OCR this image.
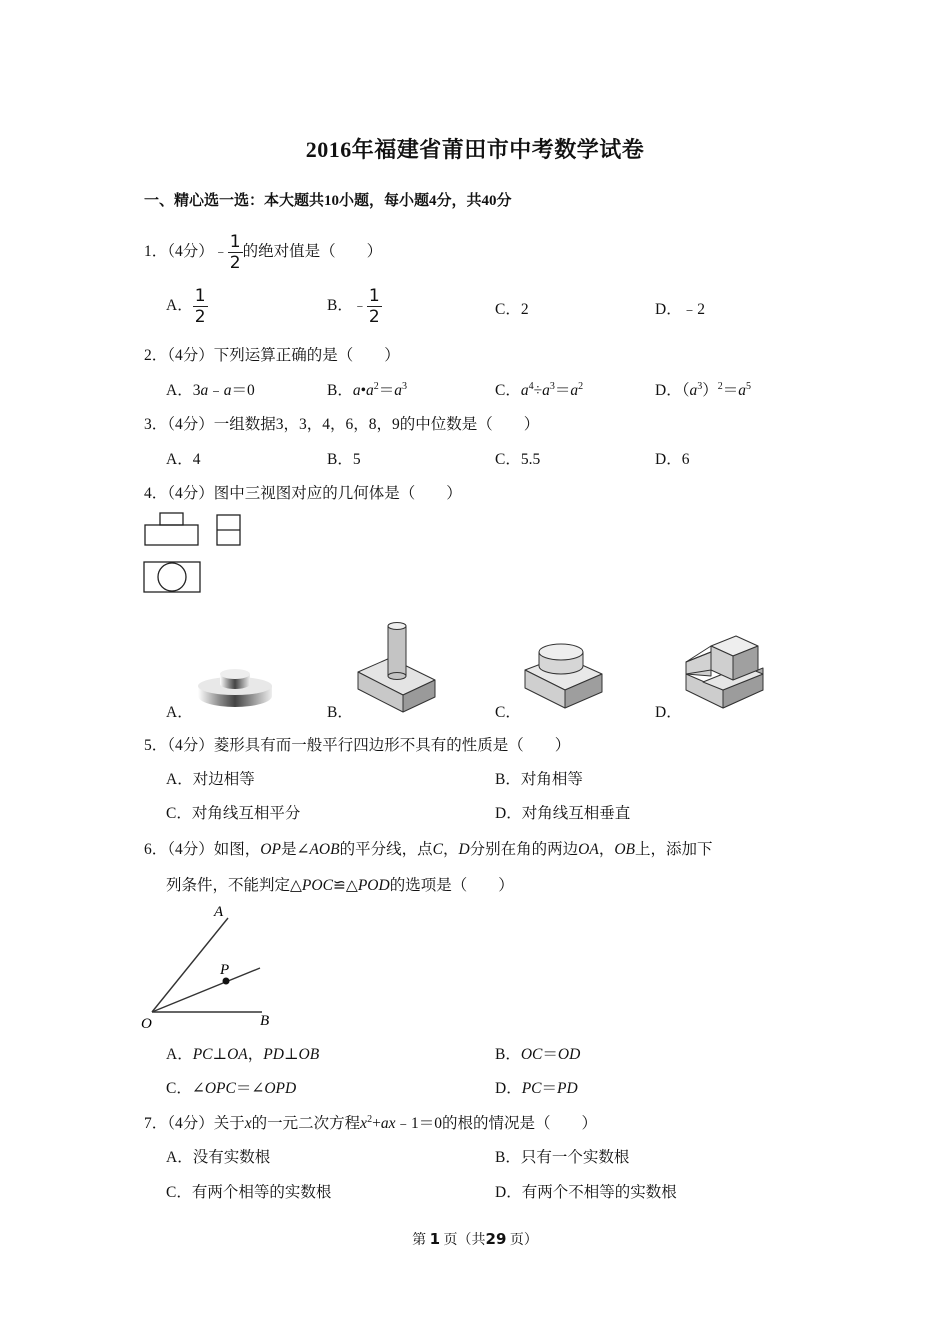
2016年福建省莆田市中考数学试卷
一、精心选一选：本大题共10小题，每小题4分，共40分
1．（4分）﹣ $\frac{1}{2}$ 的绝对值是（　　）
A． $\frac{1}{2}$	B．﹣ $\frac{1}{2}$	C．2	D．﹣2
2．（4分）下列运算正确的是（　　）
A．3a﹣a＝0	B．$a•a^2=a^3$	C．$a^4\div a^3=a^2$	D．$(a^3)^2=a^5$
3．（4分）一组数据3，3，4，6，8，9的中位数是（　　）
A．4	B．5	C．5.5	D．6
4．（4分）图中三视图对应的几何体是（　　）
A．	B．	C．	D．
5．（4分）菱形具有而一般平行四边形不具有的性质是（　　）
A．对边相等	B．对角相等
C．对角线互相平分	D．对角线互相垂直
6．（4分）如图，OP是∠AOB的平分线，点C，D分别在角的两边OA，OB上，添加下
列条件，不能判定△POC≌△POD的选项是（　　）
A
P
O	B
A．PC⊥OA，PD⊥OB	B．OC＝OD
C．∠OPC＝∠OPD	D．PC＝PD
7．（4分）关于x的一元二次方程$x^2+ax﹣1=0$的根的情况是（　　）
A．没有实数根	B．只有一个实数根
C．有两个相等的实数根	D．有两个不相等的实数根
第 1 页（共29 页）
